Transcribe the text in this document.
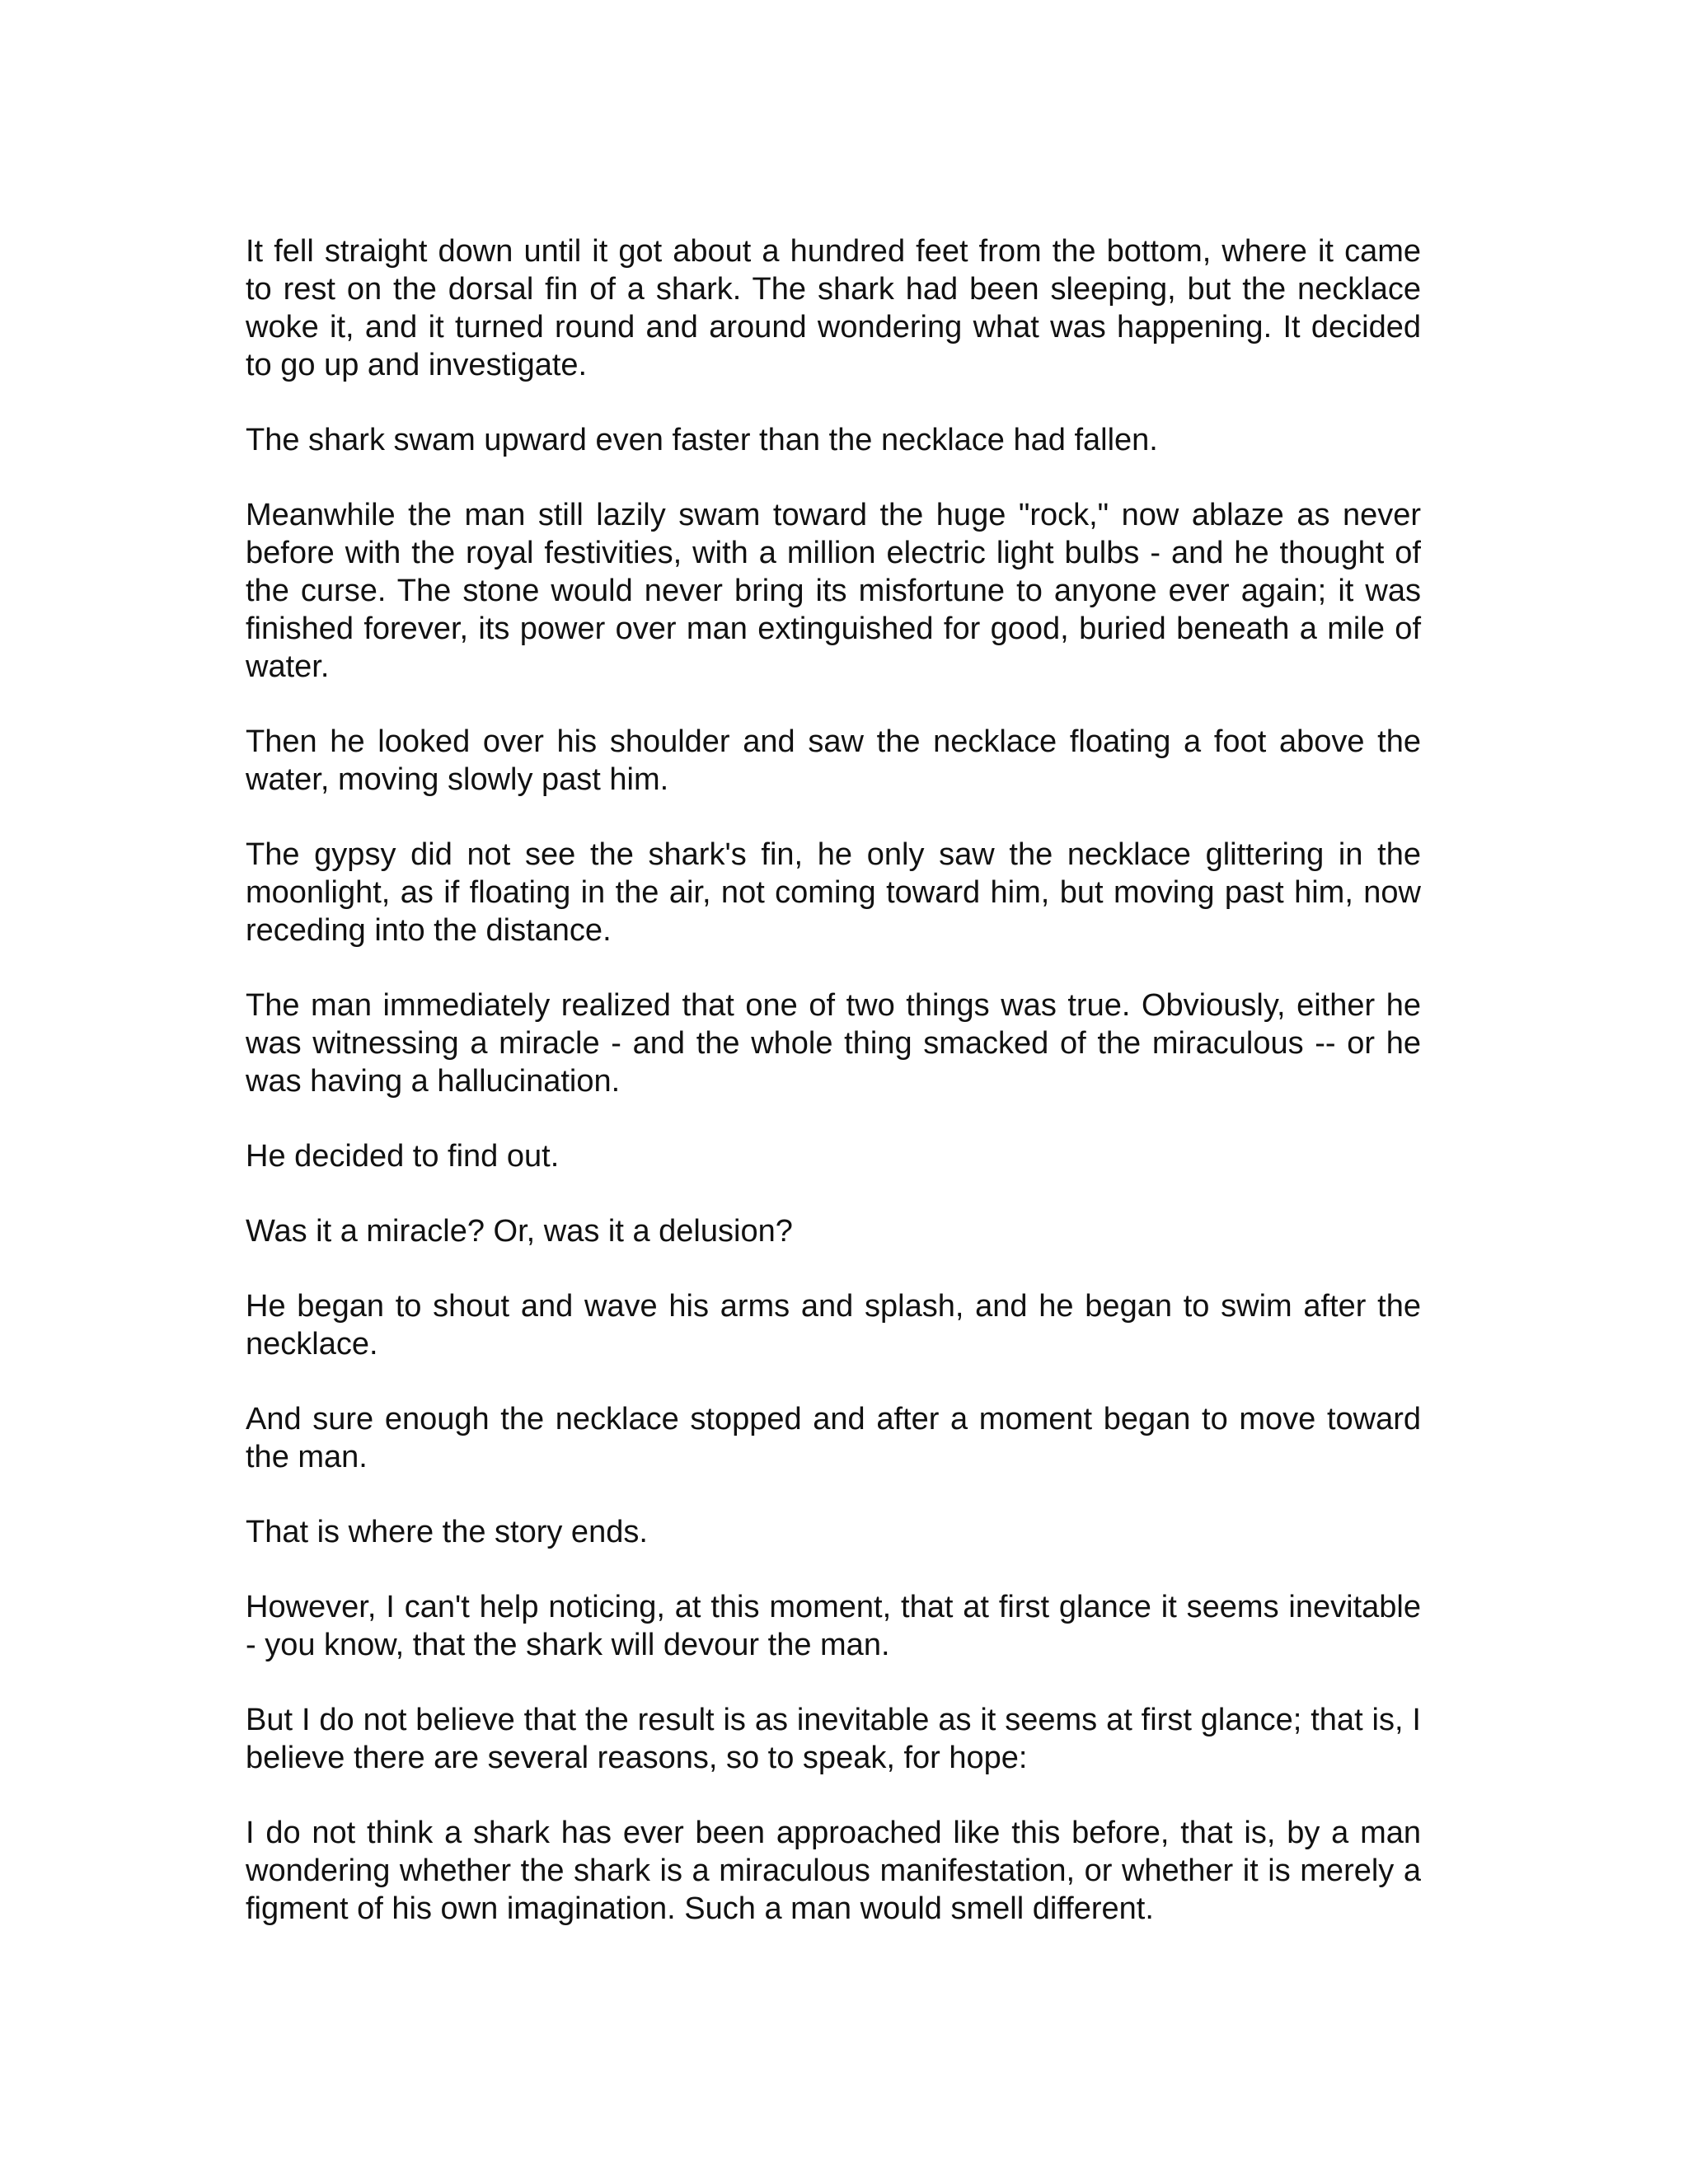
It fell straight down until it got about a hundred feet from the bottom, where it came to rest on the dorsal fin of a shark. The shark had been sleeping, but the necklace woke it, and it turned round and around wondering what was happening. It decided to go up and investigate.

The shark swam upward even faster than the necklace had fallen.

Meanwhile the man still lazily swam toward the huge "rock," now ablaze as never before with the royal festivities, with a million electric light bulbs - and he thought of the curse. The stone would never bring its misfortune to anyone ever again; it was finished forever, its power over man extinguished for good, buried beneath a mile of water.

Then he looked over his shoulder and saw the necklace floating a foot above the water, moving slowly past him.

The gypsy did not see the shark's fin, he only saw the necklace glittering in the moonlight, as if floating in the air, not coming toward him, but moving past him, now receding into the distance.

The man immediately realized that one of two things was true. Obviously, either he was witnessing a miracle - and the whole thing smacked of the miraculous -- or he was having a hallucination.

He decided to find out.

Was it a miracle? Or, was it a delusion?

He began to shout and wave his arms and splash, and he began to swim after the necklace.

And sure enough the necklace stopped and after a moment began to move toward the man.

That is where the story ends.

However, I can't help noticing, at this moment, that at first glance it seems inevitable - you know, that the shark will devour the man.

But I do not believe that the result is as inevitable as it seems at first glance; that is, I believe there are several reasons, so to speak, for hope:

I do not think a shark has ever been approached like this before, that is, by a man wondering whether the shark is a miraculous manifestation, or whether it is merely a figment of his own imagination. Such a man would smell different.
